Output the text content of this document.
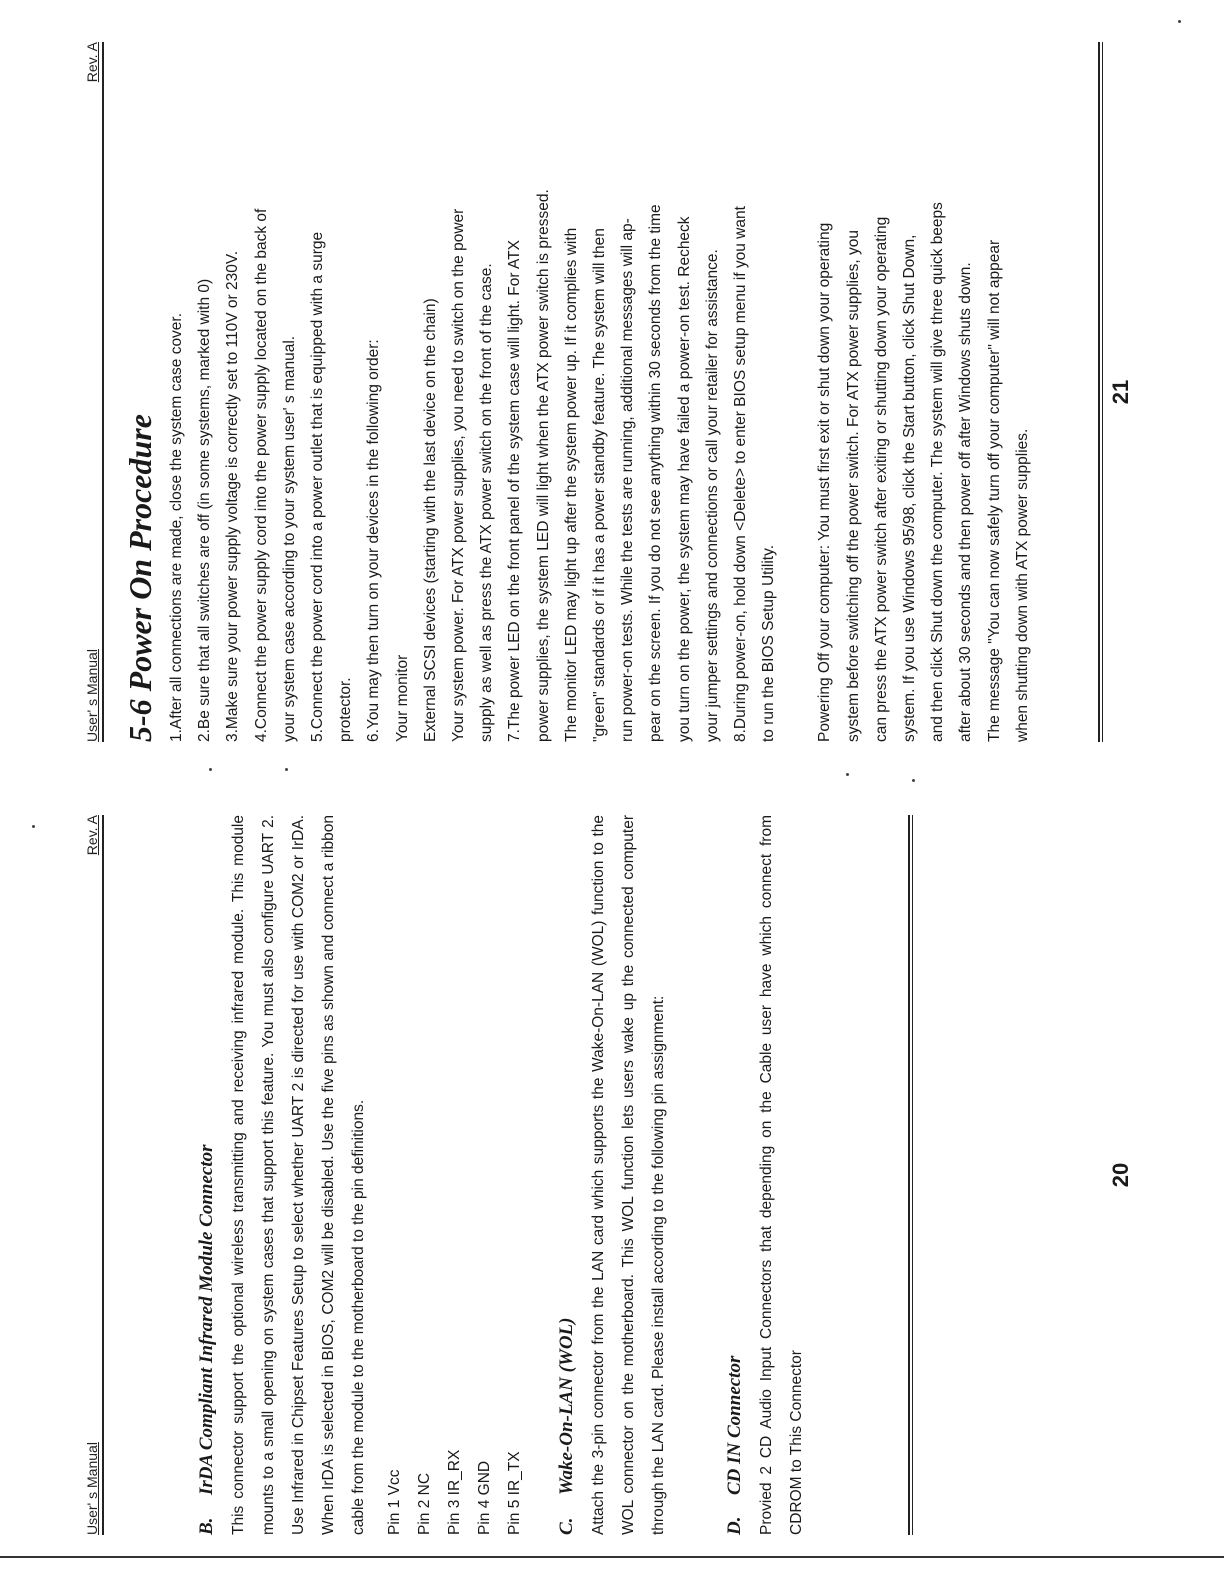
User' s Manual
Rev. A
B.IrDA Compliant Infrared Module Connector This connector support the optional wireless transmitting and receiving infrared module. This module mounts to a small opening on system cases that support this feature. You must also configure UART 2. Use Infrared in Chipset Features Setup to select whether UART 2 is directed for use with COM2 or IrDA. When IrDA is selected in BIOS, COM2 will be disabled. Use the five pins as shown and connect a ribbon cable from the module to the motherboard to the pin definitions.	Pin 1 Vcc Pin 2 NC Pin 3 IR_RX Pin 4 GND Pin 5 IR_TX	C.Wake-On-LAN (WOL) Attach the 3-pin connector from the LAN card which supports the Wake-On-LAN (WOL) function to the WOL connector on the motherboard. This WOL function lets users wake up the connected computer through the LAN card. Please install according to the following pin assignment:	D.CD IN Connector Provied 2 CD Audio Input Connectors that depending on the Cable user have which connect from CDROM to This Connector

20
User' s Manual
Rev. A
5-6 Power On Procedure 1.After all connections are made, close the system case cover. 2.Be sure that all switches are off (in some systems, marked with 0) 3.Make sure your power supply voltage is correctly set to 110V or 230V. 4.Connect the power supply cord into the power supply located on the back of your system case according to your system user' s manual. 5.Connect the power cord into a power outlet that is equipped with a surge protector. 6.You may then turn on your devices in the following order: Your monitor External SCSI devices (starting with the last device on the chain) Your system power. For ATX power supplies, you need to switch on the power supply as well as press the ATX power switch on the front of the case. 7.The power LED on the front panel of the system case will light. For ATX power supplies, the system LED will light when the ATX power switch is pressed. The monitor LED may light up after the system power up. If it complies with "green" standards or if it has a power standby feature. The system will then run power-on tests. While the tests are running, additional messages will ap- pear on the screen. If you do not see anything within 30 seconds from the time you turn on the power, the system may have failed a power-on test. Recheck your jumper settings and connections or call your retailer for assistance. 8.During power-on, hold down <Delete> to enter BIOS setup menu if you want to run the BIOS Setup Utility.	Powering Off your computer: You must first exit or shut down your operating system before switching off the power switch. For ATX power supplies, you can press the ATX power switch after exiting or shutting down your operating system. If you use Windows 95/98, click the Start button, click Shut Down, and then click Shut down the computer. The system will give three quick beeps after about 30 seconds and then power off after Windows shuts down. The message "You can now safely turn off your computer" will not appear when shutting down with ATX power supplies.

21
